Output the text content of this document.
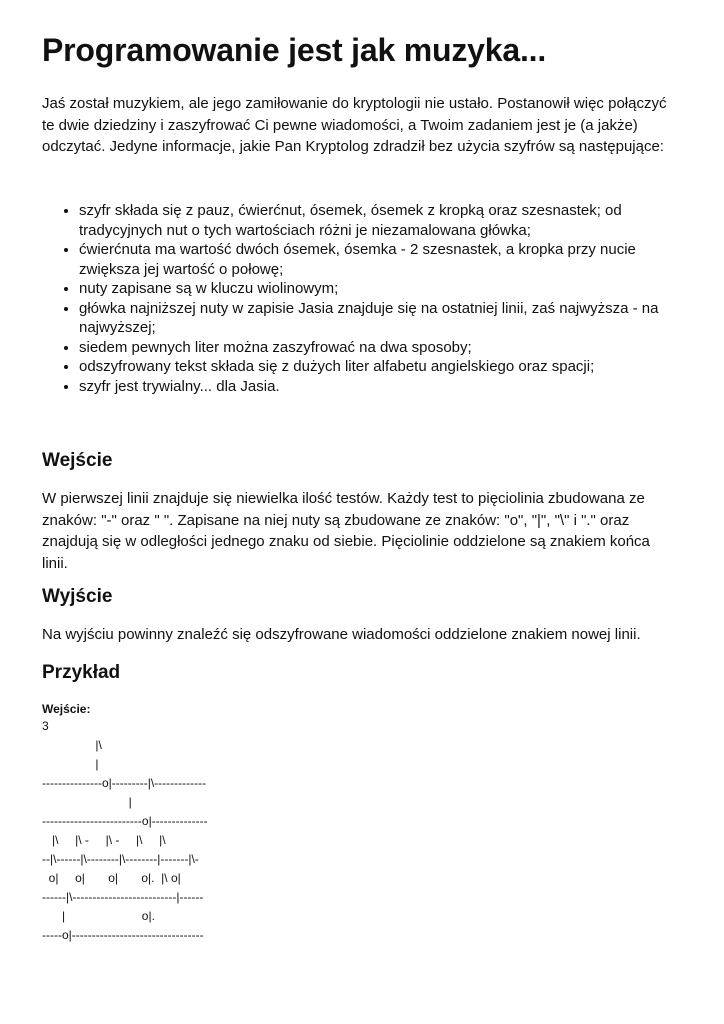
Programowanie jest jak muzyka...

Jaś został muzykiem, ale jego zamiłowanie do kryptologii nie ustało. Postanowił więc połączyć te dwie dziedziny i zaszyfrować Ci pewne wiadomości, a Twoim zadaniem jest je (a jakże) odczytać. Jedyne informacje, jakie Pan Kryptolog zdradził bez użycia szyfrów są następujące:

• szyfr składa się z pauz, ćwierćnut, ósemek, ósemek z kropką oraz szesnastek; od tradycyjnych nut o tych wartościach różni je niezamalowana główka;
• ćwierćnuta ma wartość dwóch ósemek, ósemka - 2 szesnastek, a kropka przy nucie zwiększa jej wartość o połowę;
• nuty zapisane są w kluczu wiolinowym;
• główka najniższej nuty w zapisie Jasia znajduje się na ostatniej linii, zaś najwyższa - na najwyższej;
• siedem pewnych liter można zaszyfrować na dwa sposoby;
• odszyfrowany tekst składa się z dużych liter alfabetu angielskiego oraz spacji;
• szyfr jest trywialny... dla Jasia.
Wejście

W pierwszej linii znajduje się niewielka ilość testów. Każdy test to pięciolinia zbudowana ze znaków: "-" oraz " ". Zapisane na niej nuty są zbudowane ze znaków: "o", "|", "\" i "." oraz znajdują się w odległości jednego znaku od siebie. Pięciolinie oddzielone są znakiem końca linii.

Wyjście

Na wyjściu powinny znaleźć się odszyfrowane wiadomości oddzielone znakiem nowej linii.

Przykład
Wejście:
3
|\
|
---------------o|---------|\-------------
|
-------------------------o|--------------
|\     |\ -     |\ -     |\     |\
--|\------|\--------|\--------|-------|\-
o|     o|       o|       o|.  |\ o|
------|\--------------------------|------
|                       o|.
-----o|---------------------------------
